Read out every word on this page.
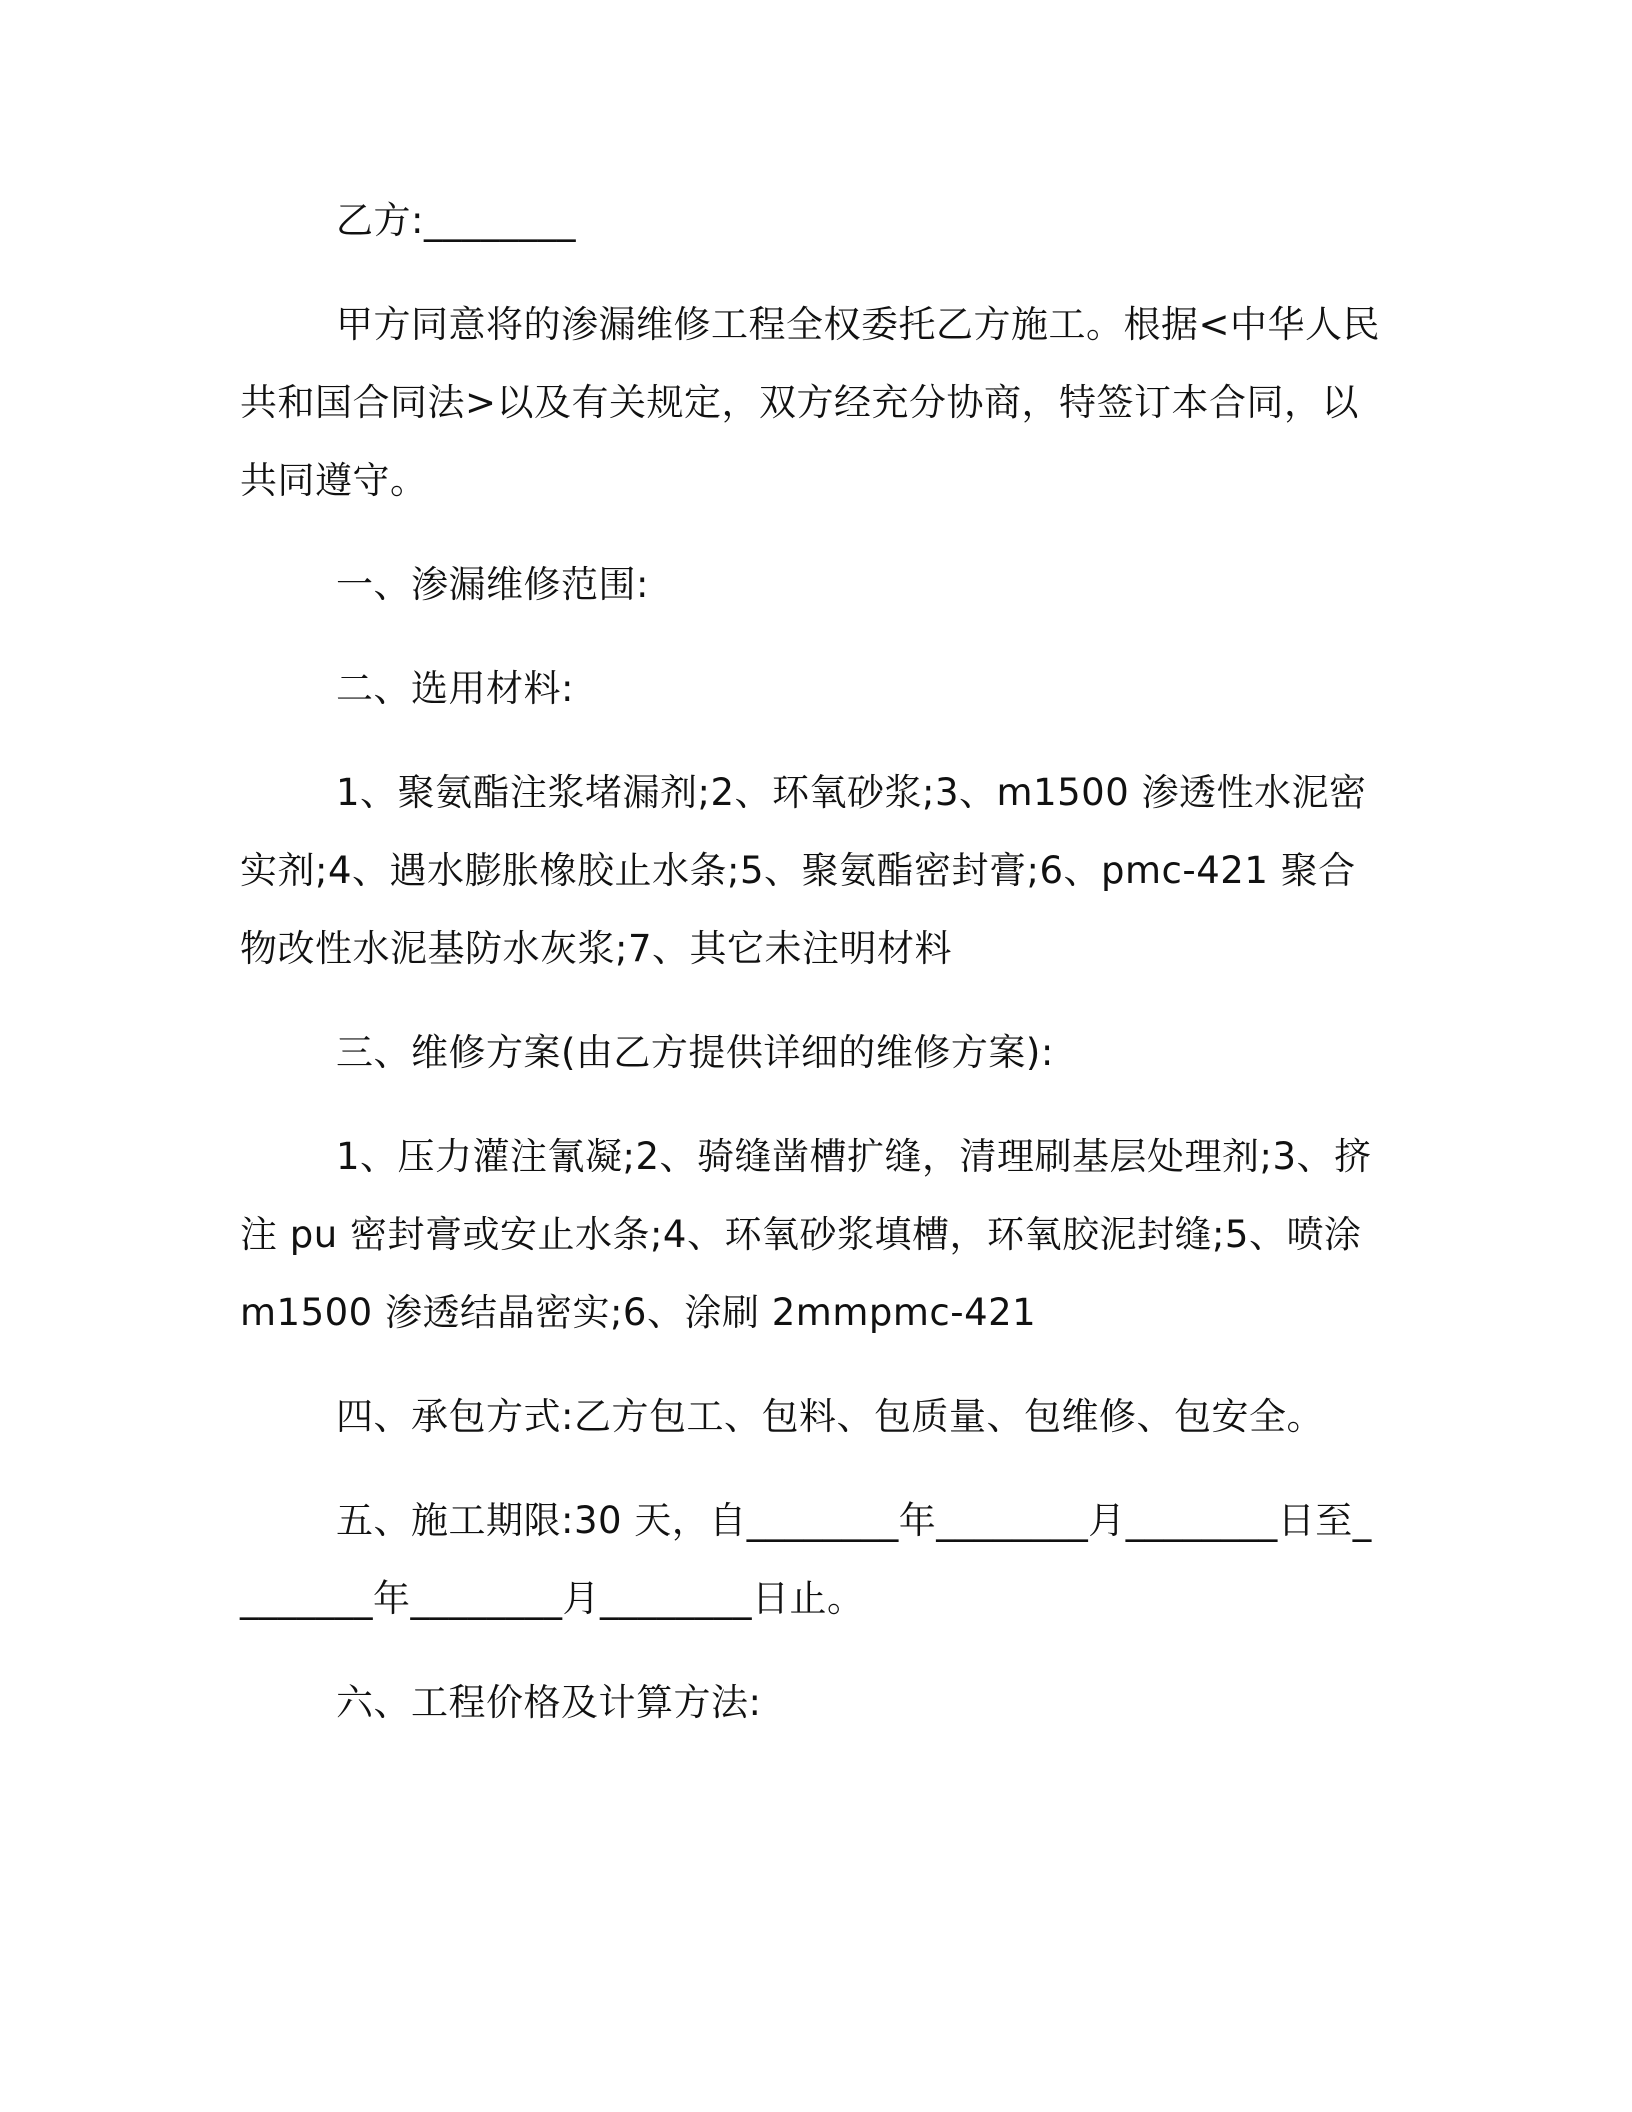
乙方:________

甲方同意将的渗漏维修工程全权委托乙方施工。根据<中华人民共和国合同法>以及有关规定，双方经充分协商，特签订本合同，以共同遵守。

一、渗漏维修范围:

二、选用材料:

1、聚氨酯注浆堵漏剂;2、环氧砂浆;3、m1500 渗透性水泥密实剂;4、遇水膨胀橡胶止水条;5、聚氨酯密封膏;6、pmc-421 聚合物改性水泥基防水灰浆;7、其它未注明材料

三、维修方案(由乙方提供详细的维修方案):

1、压力灌注氰凝;2、骑缝凿槽扩缝，清理刷基层处理剂;3、挤注 pu 密封膏或安止水条;4、环氧砂浆填槽，环氧胶泥封缝;5、喷涂m1500 渗透结晶密实;6、涂刷 2mmpmc-421

四、承包方式:乙方包工、包料、包质量、包维修、包安全。

五、施工期限:30 天，自________年________月________日至________年________月________日止。

六、工程价格及计算方法:
